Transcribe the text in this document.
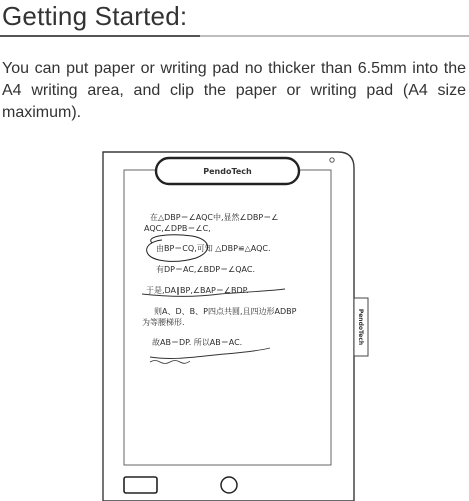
Getting Started:
You can put paper or writing pad no thicker than 6.5mm into the A4 writing area, and clip the paper or writing pad (A4 size maximum).
PendoTech
PendoTech
在△DBP＝∠AQC中,显然∠DBP＝∠
AQC,∠DPB＝∠C,
由BP＝CQ,可知 △DBP≌△AQC.
有DP＝AC,∠BDP＝∠QAC.
于是,DA∥BP,∠BAP＝∠BDP.
则A、D、B、P四点共圆,且四边形ADBP
为等腰梯形.
故AB＝DP. 所以AB＝AC.
